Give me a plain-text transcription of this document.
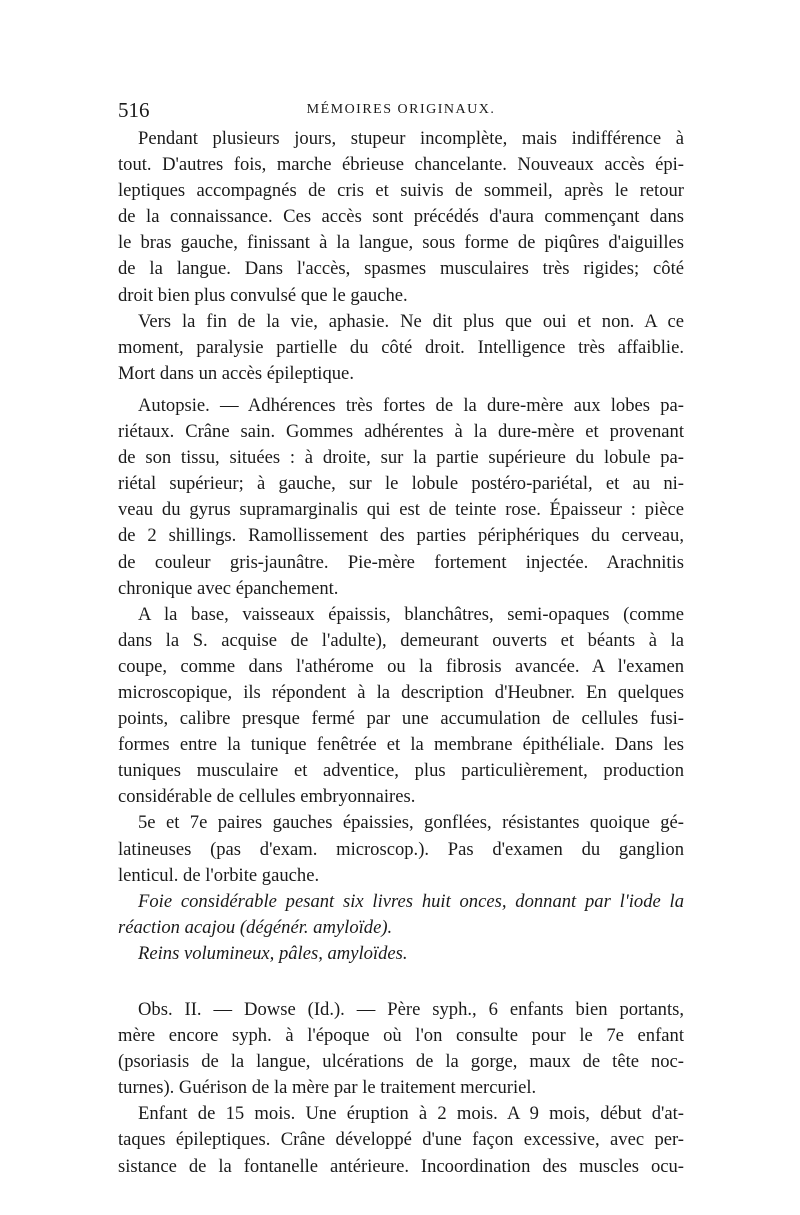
516	MÉMOIRES ORIGINAUX.
Pendant plusieurs jours, stupeur incomplète, mais indifférence à
tout. D'autres fois, marche ébrieuse chancelante. Nouveaux accès épi-
leptiques accompagnés de cris et suivis de sommeil, après le retour
de la connaissance. Ces accès sont précédés d'aura commençant dans
le bras gauche, finissant à la langue, sous forme de piqûres d'aiguilles
de la langue. Dans l'accès, spasmes musculaires très rigides; côté
droit bien plus convulsé que le gauche.
Vers la fin de la vie, aphasie. Ne dit plus que oui et non. A ce
moment, paralysie partielle du côté droit. Intelligence très affaiblie.
Mort dans un accès épileptique.
Autopsie. — Adhérences très fortes de la dure-mère aux lobes pa-
riétaux. Crâne sain. Gommes adhérentes à la dure-mère et provenant
de son tissu, situées : à droite, sur la partie supérieure du lobule pa-
riétal supérieur; à gauche, sur le lobule postéro-pariétal, et au ni-
veau du gyrus supramarginalis qui est de teinte rose. Épaisseur : pièce
de 2 shillings. Ramollissement des parties périphériques du cerveau,
de couleur gris-jaunâtre. Pie-mère fortement injectée. Arachnitis
chronique avec épanchement.
A la base, vaisseaux épaissis, blanchâtres, semi-opaques (comme
dans la S. acquise de l'adulte), demeurant ouverts et béants à la
coupe, comme dans l'athérome ou la fibrosis avancée. A l'examen
microscopique, ils répondent à la description d'Heubner. En quelques
points, calibre presque fermé par une accumulation de cellules fusi-
formes entre la tunique fenêtrée et la membrane épithéliale. Dans les
tuniques musculaire et adventice, plus particulièrement, production
considérable de cellules embryonnaires.
5e et 7e paires gauches épaissies, gonflées, résistantes quoique gé-
latineuses (pas d'exam. microscop.). Pas d'examen du ganglion
lenticul. de l'orbite gauche.
Foie considérable pesant six livres huit onces, donnant par l'iode la
réaction acajou (dégénér. amyloïde).
Reins volumineux, pâles, amyloïdes.
Obs. II. — Dowse (Id.). — Père syph., 6 enfants bien portants,
mère encore syph. à l'époque où l'on consulte pour le 7e enfant
(psoriasis de la langue, ulcérations de la gorge, maux de tête noc-
turnes). Guérison de la mère par le traitement mercuriel.
Enfant de 15 mois. Une éruption à 2 mois. A 9 mois, début d'at-
taques épileptiques. Crâne développé d'une façon excessive, avec per-
sistance de la fontanelle antérieure. Incoordination des muscles ocu-
